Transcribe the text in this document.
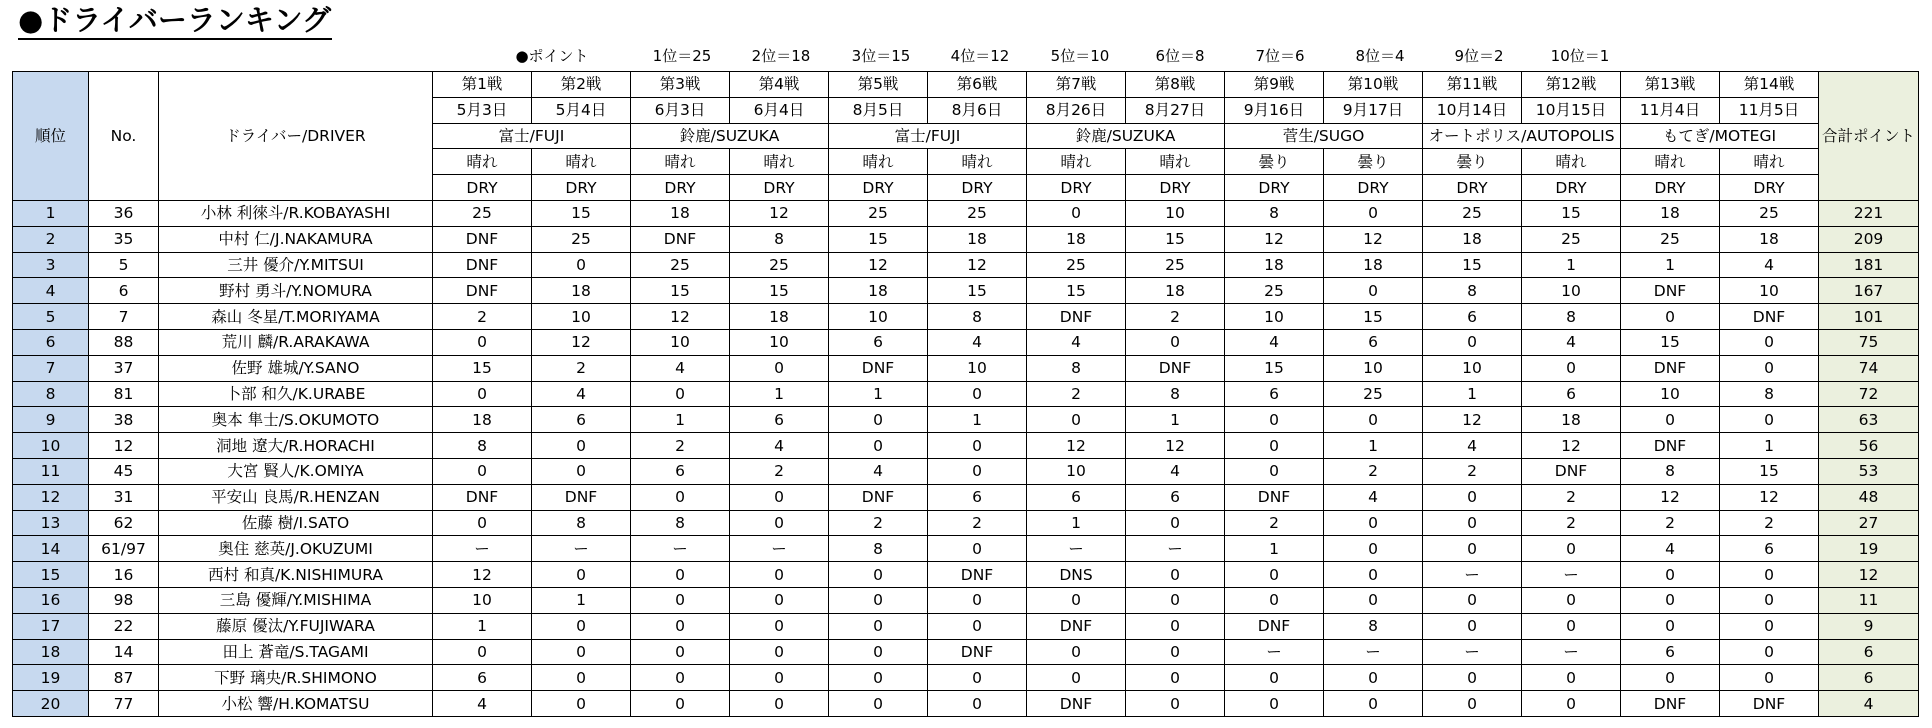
●ドライバーランキング
●ポイント	1位＝25	2位＝18	3位＝15	4位＝12	5位＝10	6位＝8	7位＝6	8位＝4	9位＝2	10位＝1
順位	No.	ドライバー/DRIVER	第1戦	第2戦	第3戦	第4戦	第5戦	第6戦	第7戦	第8戦	第9戦	第10戦	第11戦	第12戦	第13戦	第14戦	合計ポイント
			5月3日	5月4日	6月3日	6月4日	8月5日	8月6日	8月26日	8月27日	9月16日	9月17日	10月14日	10月15日	11月4日	11月5日	
			富士/FUJI		鈴鹿/SUZUKA		富士/FUJI		鈴鹿/SUZUKA		菅生/SUGO		オートポリス/AUTOPOLIS		もてぎ/MOTEGI		
			晴れ	晴れ	晴れ	晴れ	晴れ	晴れ	晴れ	晴れ	曇り	曇り	曇り	晴れ	晴れ	晴れ	
			DRY	DRY	DRY	DRY	DRY	DRY	DRY	DRY	DRY	DRY	DRY	DRY	DRY	DRY	
1	36	小林 利徠斗/R.KOBAYASHI	25	15	18	12	25	25	0	10	8	0	25	15	18	25	221
2	35	中村 仁/J.NAKAMURA	DNF	25	DNF	8	15	18	18	15	12	12	18	25	25	18	209
3	5	三井 優介/Y.MITSUI	DNF	0	25	25	12	12	25	25	18	18	15	1	1	4	181
4	6	野村 勇斗/Y.NOMURA	DNF	18	15	15	18	15	15	18	25	0	8	10	DNF	10	167
5	7	森山 冬星/T.MORIYAMA	2	10	12	18	10	8	DNF	2	10	15	6	8	0	DNF	101
6	88	荒川 麟/R.ARAKAWA	0	12	10	10	6	4	4	0	4	6	0	4	15	0	75
7	37	佐野 雄城/Y.SANO	15	2	4	0	DNF	10	8	DNF	15	10	10	0	DNF	0	74
8	81	卜部 和久/K.URABE	0	4	0	1	1	0	2	8	6	25	1	6	10	8	72
9	38	奥本 隼士/S.OKUMOTO	18	6	1	6	0	1	0	1	0	0	12	18	0	0	63
10	12	洞地 遼大/R.HORACHI	8	0	2	4	0	0	12	12	0	1	4	12	DNF	1	56
11	45	大宮 賢人/K.OMIYA	0	0	6	2	4	0	10	4	0	2	2	DNF	8	15	53
12	31	平安山 良馬/R.HENZAN	DNF	DNF	0	0	DNF	6	6	6	DNF	4	0	2	12	12	48
13	62	佐藤 樹/I.SATO	0	8	8	0	2	2	1	0	2	0	0	2	2	2	27
14	61/97	奥住 慈英/J.OKUZUMI	ー	ー	ー	ー	8	0	ー	ー	1	0	0	0	4	6	19
15	16	西村 和真/K.NISHIMURA	12	0	0	0	0	DNF	DNS	0	0	0	ー	ー	0	0	12
16	98	三島 優輝/Y.MISHIMA	10	1	0	0	0	0	0	0	0	0	0	0	0	0	11
17	22	藤原 優汰/Y.FUJIWARA	1	0	0	0	0	0	DNF	0	DNF	8	0	0	0	0	9
18	14	田上 蒼竜/S.TAGAMI	0	0	0	0	0	DNF	0	0	ー	ー	ー	ー	6	0	6
19	87	下野 璃央/R.SHIMONO	6	0	0	0	0	0	0	0	0	0	0	0	0	0	6
20	77	小松 響/H.KOMATSU	4	0	0	0	0	0	DNF	0	0	0	0	0	DNF	DNF	4
